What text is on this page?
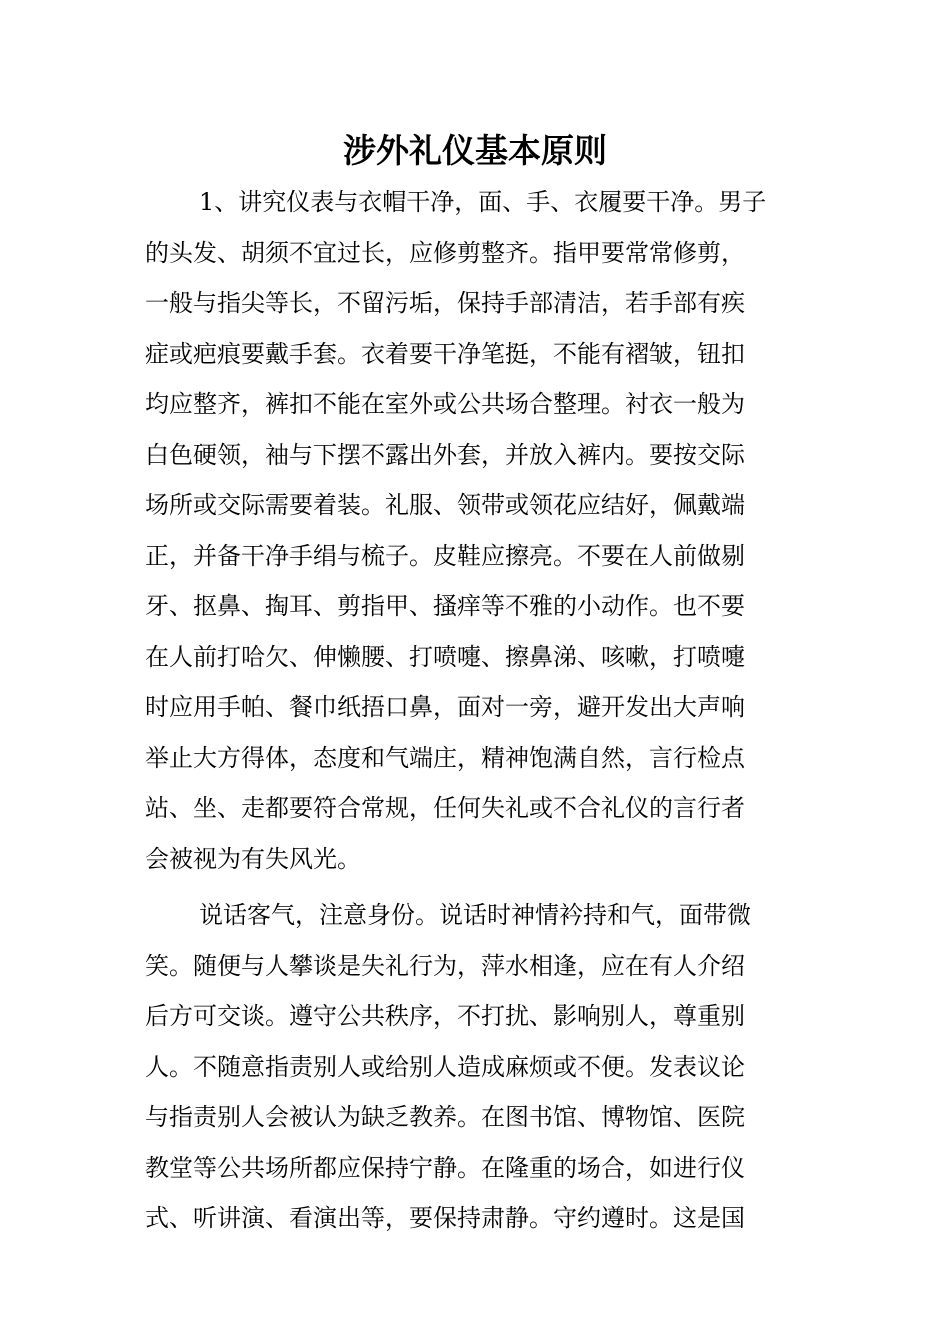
涉外礼仪基本原则
1、讲究仪表与衣帽干净，面、手、衣履要干净。男子
的头发、胡须不宜过长，应修剪整齐。指甲要常常修剪，
一般与指尖等长，不留污垢，保持手部清洁，若手部有疾
症或疤痕要戴手套。衣着要干净笔挺，不能有褶皱，钮扣
均应整齐，裤扣不能在室外或公共场合整理。衬衣一般为
白色硬领，袖与下摆不露出外套，并放入裤内。要按交际
场所或交际需要着装。礼服、领带或领花应结好，佩戴端
正，并备干净手绢与梳子。皮鞋应擦亮。不要在人前做剔
牙、抠鼻、掏耳、剪指甲、搔痒等不雅的小动作。也不要
在人前打哈欠、伸懒腰、打喷嚏、擦鼻涕、咳嗽，打喷嚏
时应用手帕、餐巾纸捂口鼻，面对一旁，避开发出大声响
举止大方得体，态度和气端庄，精神饱满自然，言行检点
站、坐、走都要符合常规，任何失礼或不合礼仪的言行者
会被视为有失风光。
说话客气，注意身份。说话时神情衿持和气，面带微
笑。随便与人攀谈是失礼行为，萍水相逢，应在有人介绍
后方可交谈。遵守公共秩序，不打扰、影响别人，尊重别
人。不随意指责别人或给别人造成麻烦或不便。发表议论
与指责别人会被认为缺乏教养。在图书馆、博物馆、医院
教堂等公共场所都应保持宁静。在隆重的场合，如进行仪
式、听讲演、看演出等，要保持肃静。守约遵时。这是国
